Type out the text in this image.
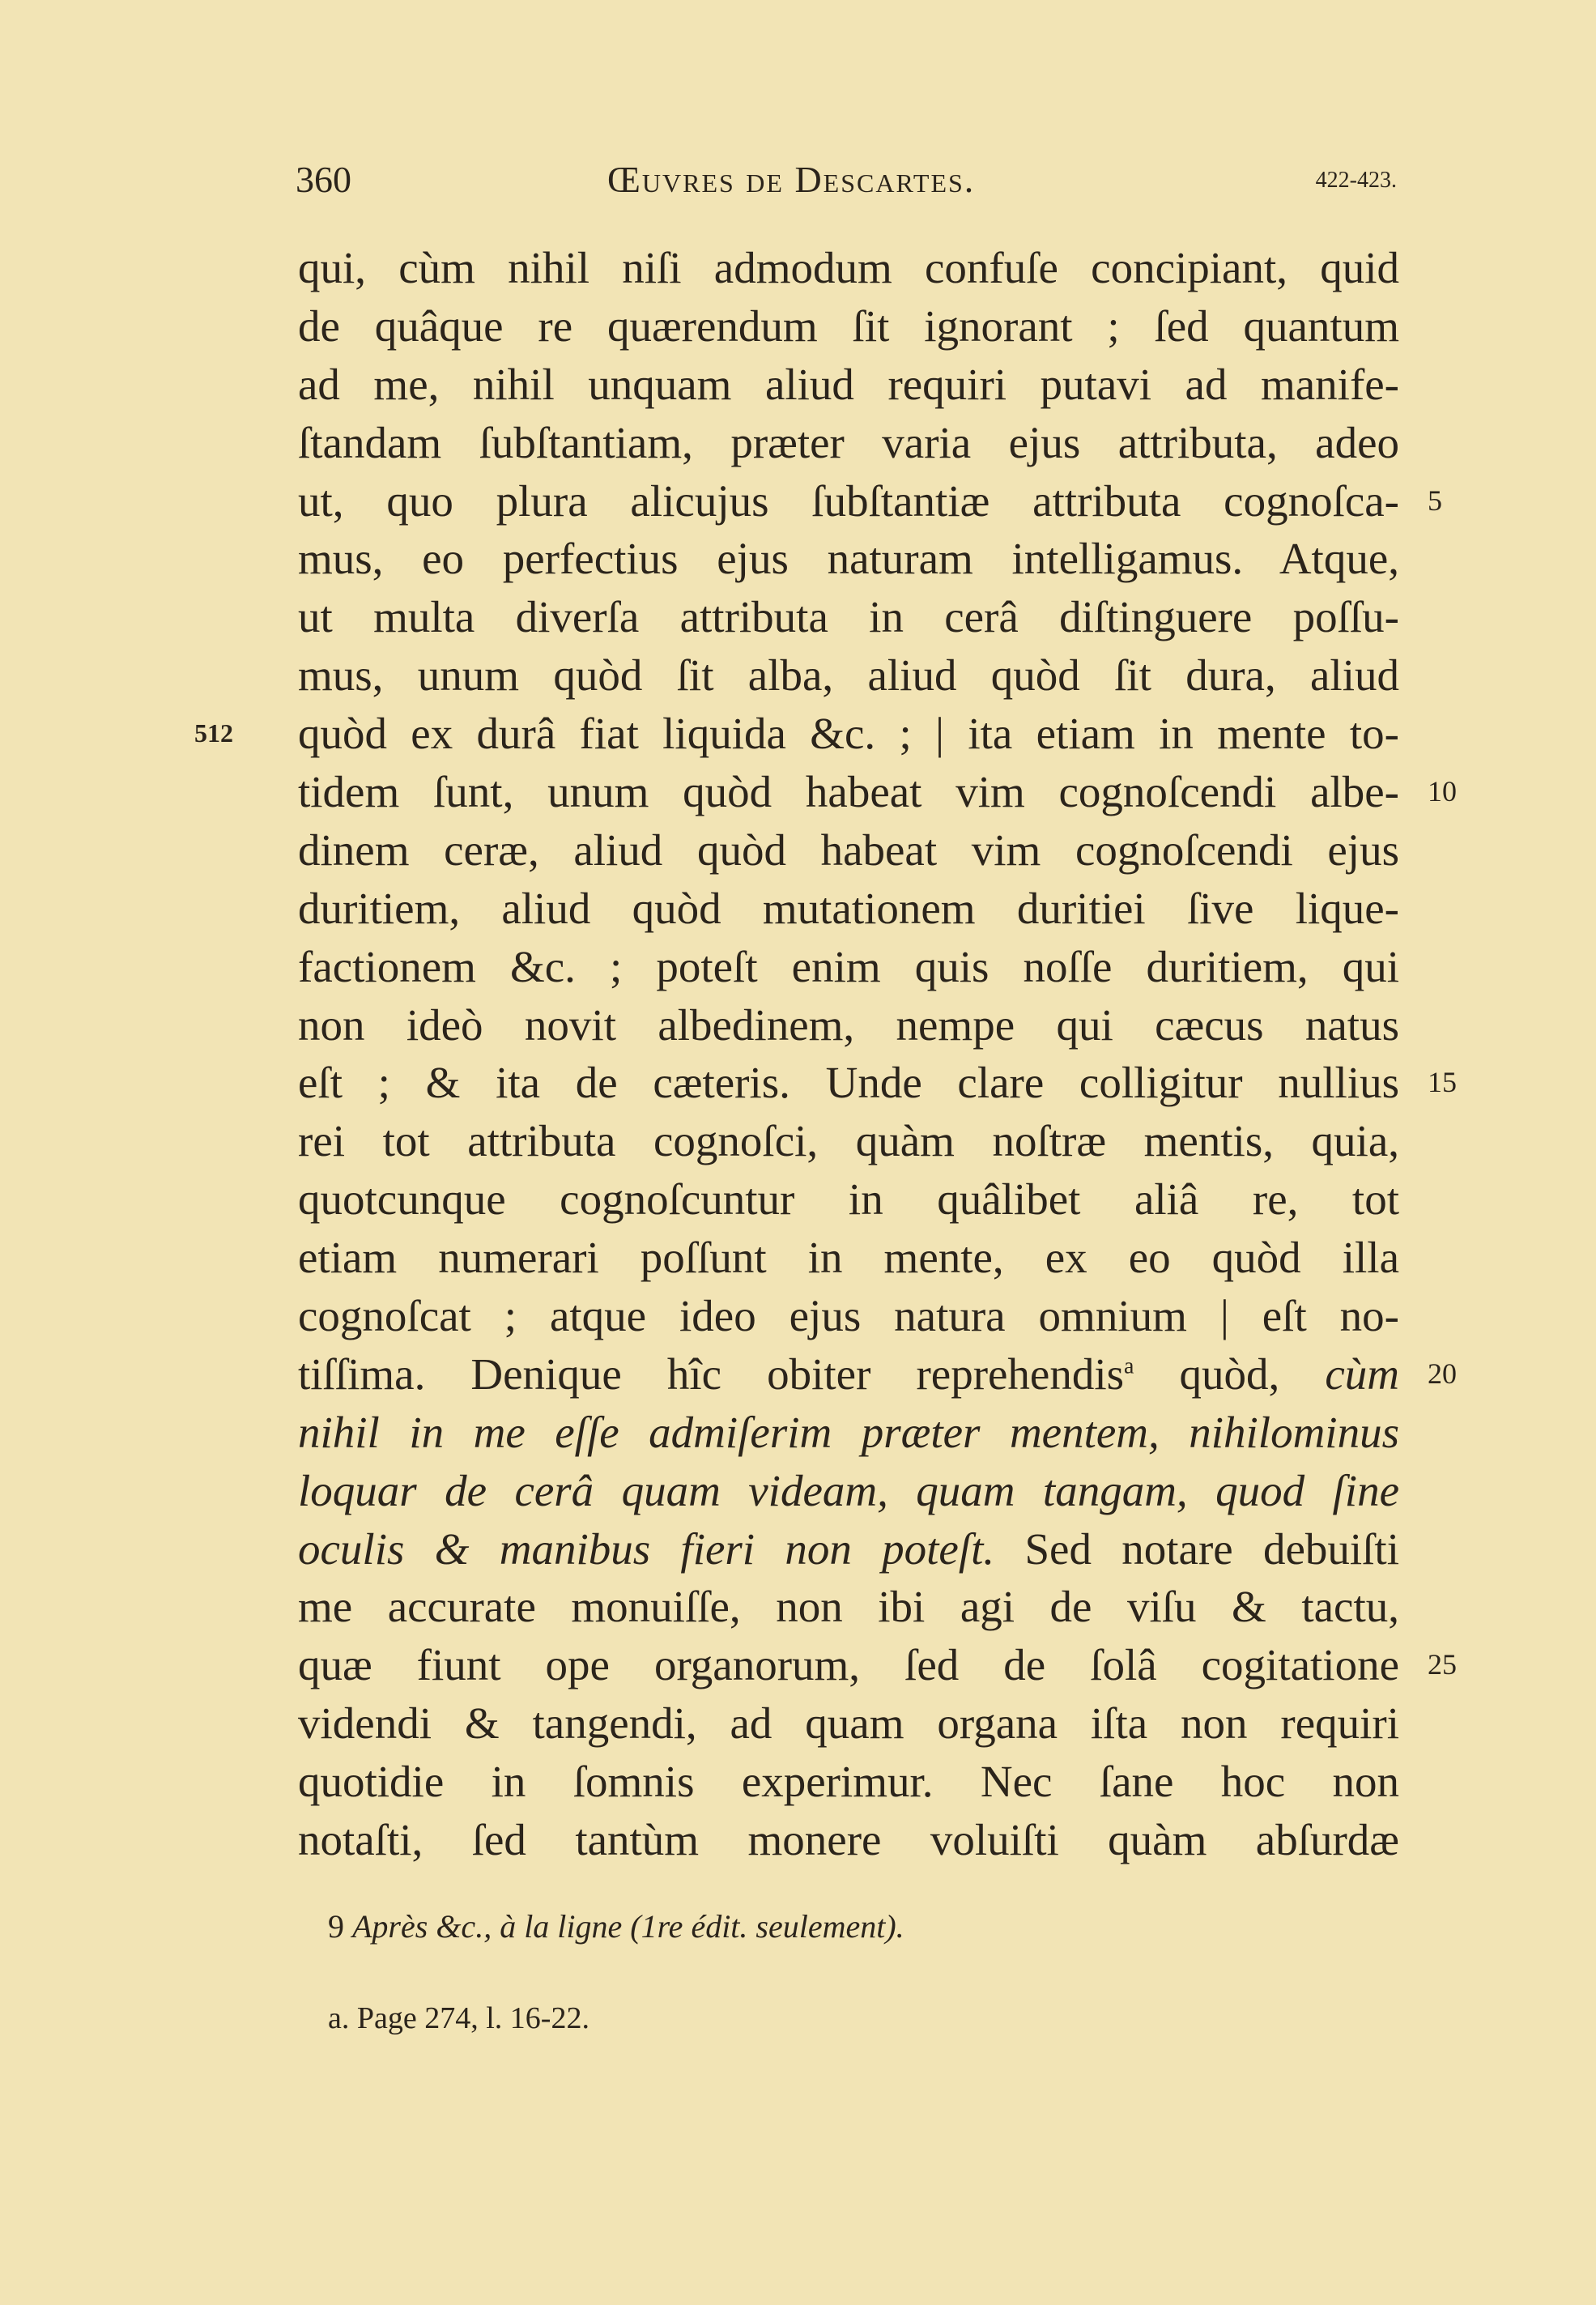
360	Œuvres de Descartes.	422-423.
qui, cùm nihil niſi admodum confuſe concipiant, quid
de quâque re quærendum ſit ignorant ; ſed quantum
ad me, nihil unquam aliud requiri putavi ad manife-
ſtandam ſubſtantiam, præter varia ejus attributa, adeo
ut, quo plura alicujus ſubſtantiæ attributa cognoſca- 5
mus, eo perfectius ejus naturam intelligamus. Atque,
ut multa diverſa attributa in cerâ diſtinguere poſſu-
mus, unum quòd ſit alba, aliud quòd ſit dura, aliud
quòd ex durâ fiat liquida &c. ; | ita etiam in mente to-
512
tidem ſunt, unum quòd habeat vim cognoſcendi albe- 10
dinem ceræ, aliud quòd habeat vim cognoſcendi ejus
duritiem, aliud quòd mutationem duritiei ſive lique-
factionem &c. ; poteſt enim quis noſſe duritiem, qui
non ideò novit albedinem, nempe qui cæcus natus
eſt ; & ita de cæteris. Unde clare colligitur nullius 15
rei tot attributa cognoſci, quàm noſtræ mentis, quia,
quotcunque cognoſcuntur in quâlibet aliâ re, tot
etiam numerari poſſunt in mente, ex eo quòd illa
cognoſcat ; atque ideo ejus natura omnium | eſt no-
tiſſima. Denique hîc obiter reprehendis$^a$ quòd, cùm 20
nihil in me eſſe admiſerim præter mentem, nihilominus
loquar de cerâ quam videam, quam tangam, quod ſine
oculis & manibus fieri non poteſt. Sed notare debuiſti
me accurate monuiſſe, non ibi agi de viſu & tactu,
quæ fiunt ope organorum, ſed de ſolâ cogitatione 25
videndi & tangendi, ad quam organa iſta non requiri
quotidie in ſomnis experimur. Nec ſane hoc non
notaſti, ſed tantùm monere voluiſti quàm abſurdæ
9 Après &c., à la ligne (1re édit. seulement).
a. Page 274, l. 16-22.
